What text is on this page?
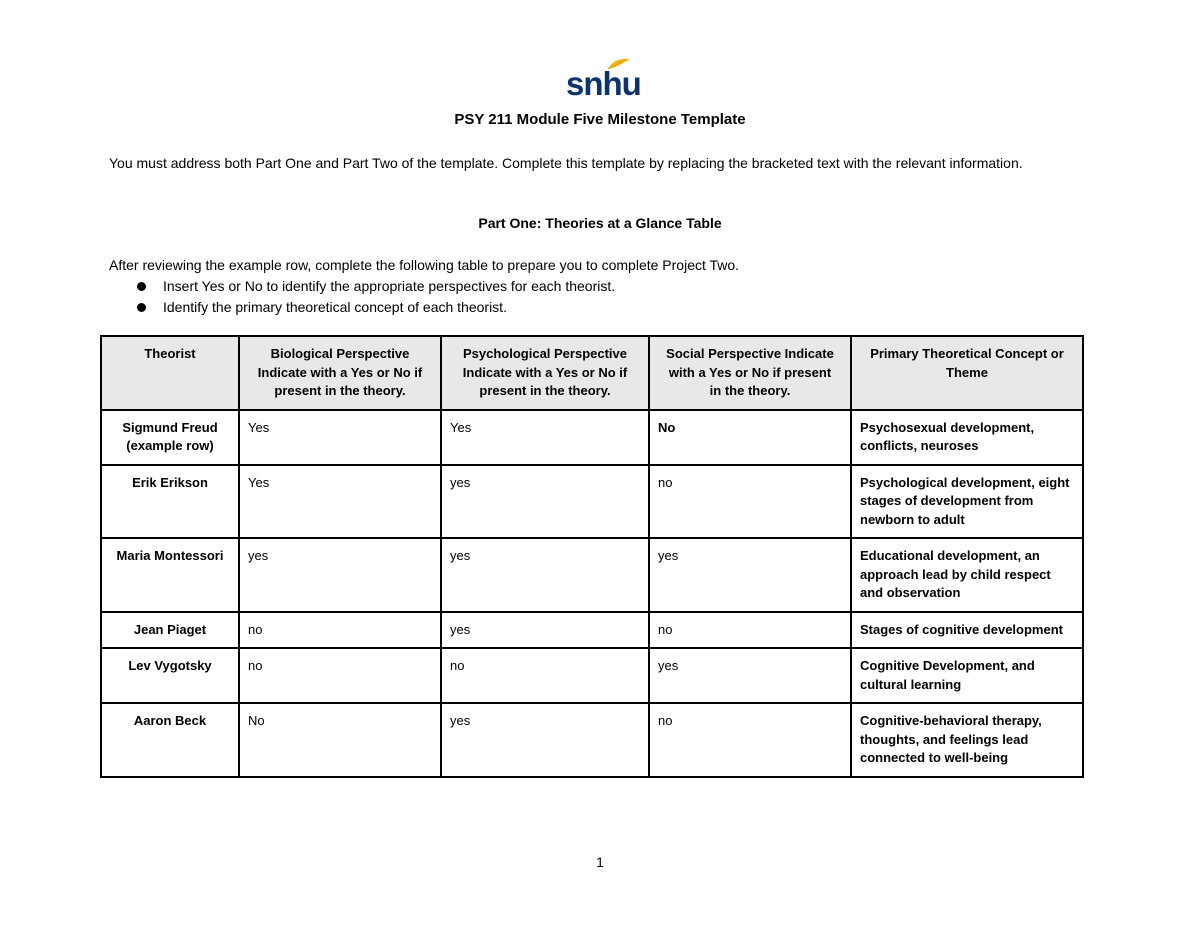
snhu
PSY 211 Module Five Milestone Template
You must address both Part One and Part Two of the template. Complete this template by replacing the bracketed text with the relevant information.
Part One: Theories at a Glance Table
After reviewing the example row, complete the following table to prepare you to complete Project Two.
Insert Yes or No to identify the appropriate perspectives for each theorist.
Identify the primary theoretical concept of each theorist.
Theorist	Biological Perspective Indicate with a Yes or No if present in the theory.	Psychological Perspective Indicate with a Yes or No if present in the theory.	Social Perspective Indicate with a Yes or No if present in the theory.	Primary Theoretical Concept or Theme
Sigmund Freud (example row)	Yes	Yes	No	Psychosexual development, conflicts, neuroses
Erik Erikson	Yes	yes	no	Psychological development, eight stages of development from newborn to adult
Maria Montessori	yes	yes	yes	Educational development, an approach lead by child respect and observation
Jean Piaget	no	yes	no	Stages of cognitive development
Lev Vygotsky	no	no	yes	Cognitive Development, and cultural learning
Aaron Beck	No	yes	no	Cognitive-behavioral therapy, thoughts, and feelings lead connected to well-being
1
